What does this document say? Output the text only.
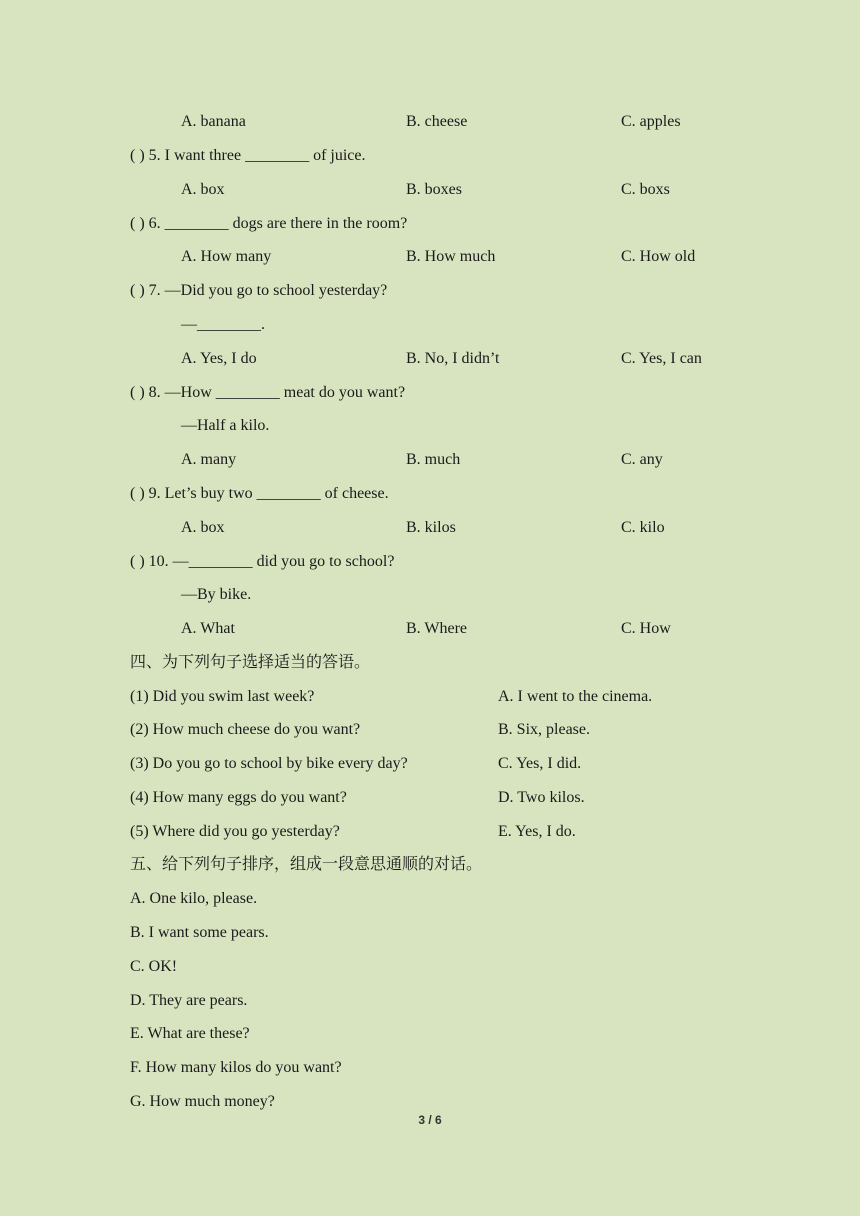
A. banana	B. cheese	C. apples
( ) 5. I want three ________ of juice.
A. box	B. boxes	C. boxs
( ) 6. ________ dogs are there in the room?
A. How many	B. How much	C. How old
( ) 7. —Did you go to school yesterday?
—________.
A. Yes, I do	B. No, I didn’t	C. Yes, I can
( ) 8. —How ________ meat do you want?
—Half a kilo.
A. many	B. much	C. any
( ) 9. Let’s buy two ________ of cheese.
A. box	B. kilos	C. kilo
( ) 10. —________ did you go to school?
—By bike.
A. What	B. Where	C. How
四、为下列句子选择适当的答语。
(1) Did you swim last week?	A. I went to the cinema.
(2) How much cheese do you want?	B. Six, please.
(3) Do you go to school by bike every day?	C. Yes, I did.
(4) How many eggs do you want?	D. Two kilos.
(5) Where did you go yesterday?	E. Yes, I do.
五、给下列句子排序，组成一段意思通顺的对话。
A. One kilo, please.
B. I want some pears.
C. OK!
D. They are pears.
E. What are these?
F. How many kilos do you want?
G. How much money?
3 / 6
